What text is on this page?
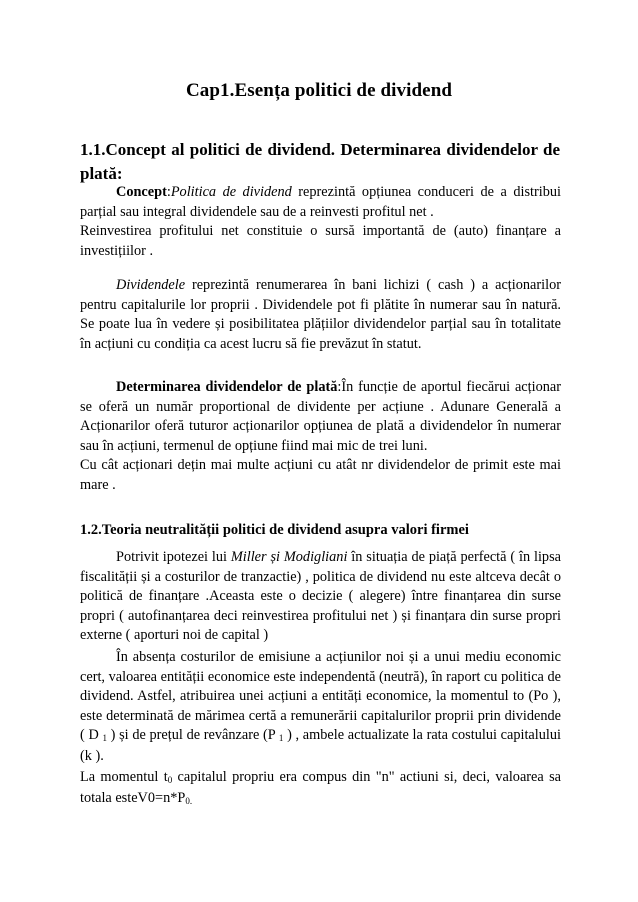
Cap1.Esența politici de dividend
1.1.Concept al politici de dividend. Determinarea dividendelor de plată:
Concept:Politica de dividend reprezintă opțiunea conduceri de a distribui parțial sau integral dividendele sau de a reinvesti profitul net .
Reinvestirea profitului net constituie o sursă importantă de (auto) finanțare a investițiilor .
Dividendele reprezintă renumerarea în bani lichizi ( cash ) a acționarilor pentru capitalurile lor proprii . Dividendele pot fi plătite în numerar sau în natură. Se poate lua în vedere și posibilitatea plățiilor dividendelor parțial sau în totalitate în acțiuni cu condiția ca acest lucru să fie prevăzut în statut.
Determinarea dividendelor de plată:În funcție de aportul fiecărui acționar se oferă un număr proportional de dividente per acțiune . Adunare Generală a Acționarilor oferă tuturor acționarilor opțiunea de plată a dividendelor în numerar sau în acțiuni, termenul de opțiune fiind mai mic de trei luni.
Cu cât acționari dețin mai multe acțiuni cu atât nr dividendelor de primit este mai mare .
1.2.Teoria neutralității politici de dividend asupra valori firmei
Potrivit ipotezei lui Miller și Modigliani în situația de piață perfectă ( în lipsa fiscalității și a costurilor de tranzactie) , politica de dividend nu este altceva decât o politică de finanțare .Aceasta este o decizie ( alegere) între finanțarea din surse propri ( autofinanțarea deci reinvestirea profitului net ) și finanțara din surse propri externe ( aporturi noi de capital )
În absența costurilor de emisiune a acțiunilor noi și a unui mediu economic cert, valoarea entității economice este independentă (neutră), în raport cu politica de dividend. Astfel, atribuirea unei acțiuni a entități economice, la momentul to (Po ), este determinată de mărimea certă a remunerării capitalurilor proprii prin dividende ( D $_1$ ) și de prețul de revânzare (P $_1$ ) , ambele actualizate la rata costului capitalului (k ).
La momentul $t_0$ capitalul propriu era compus din "n" actiuni si, deci, valoarea sa totala $esteV0=n*P_{0.}$
